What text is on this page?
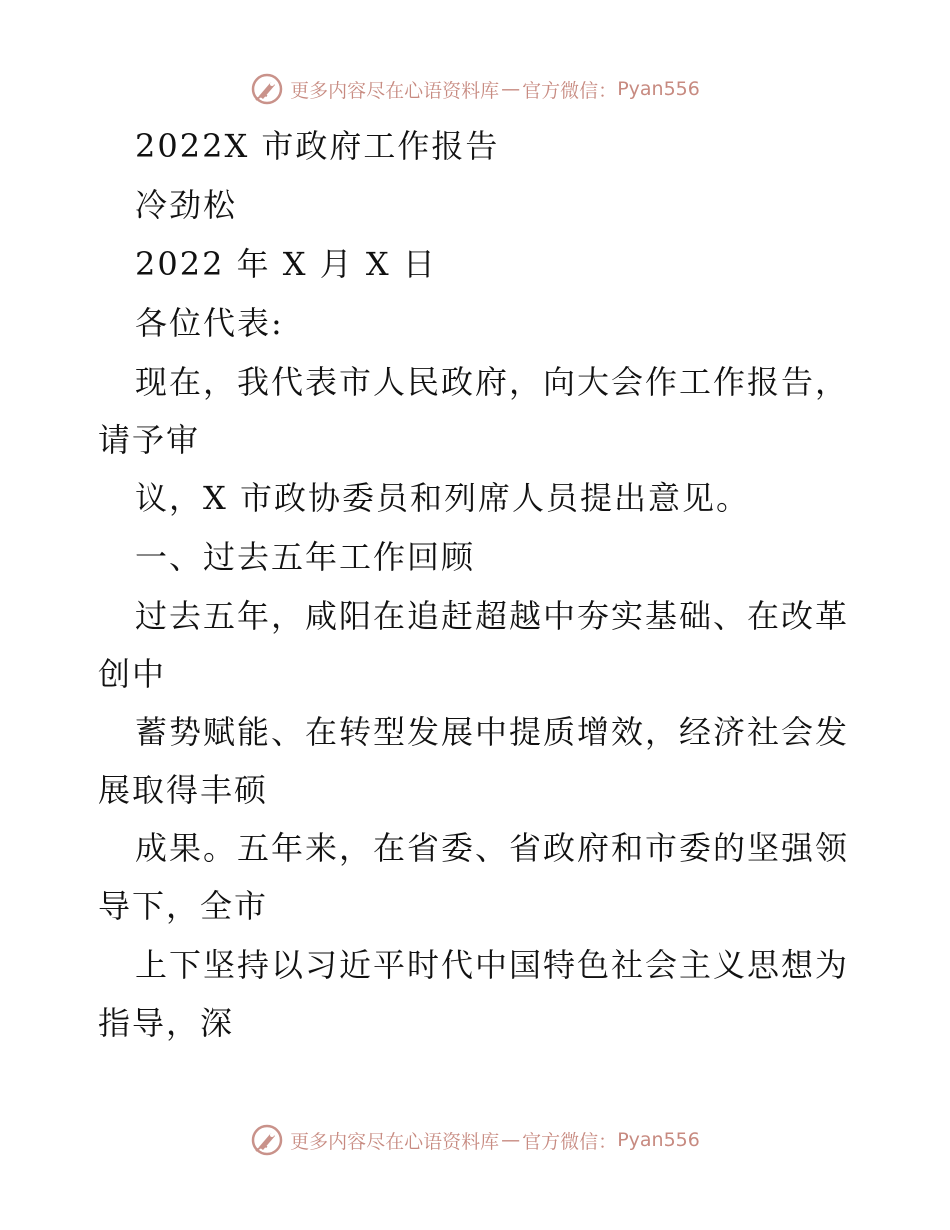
更多内容尽在心语资料库 — 官方微信： Pyan556
2022X 市政府工作报告
冷劲松
2022 年 X 月 X 日
各位代表:
现在，我代表市人民政府，向大会作工作报告，
请予审
议，X 市政协委员和列席人员提出意见。
一、过去五年工作回顾
过去五年，咸阳在追赶超越中夯实基础、在改革
创中
蓄势赋能、在转型发展中提质增效，经济社会发
展取得丰硕
成果。五年来，在省委、省政府和市委的坚强领
导下，全市
上下坚持以习近平时代中国特色社会主义思想为
指导，深
更多内容尽在心语资料库 — 官方微信： Pyan556
